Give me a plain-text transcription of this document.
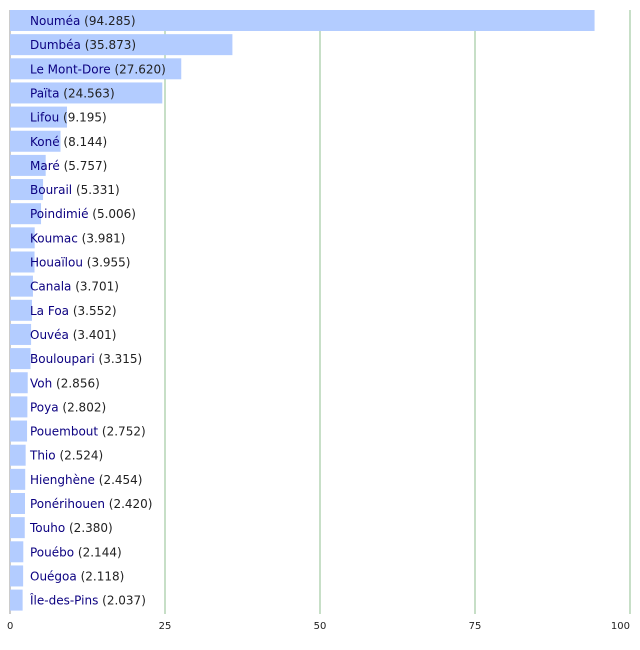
Nouméa (94.285)
Dumbéa (35.873)
Le Mont-Dore (27.620)
Païta (24.563)
Lifou (9.195)
Koné (8.144)
Maré (5.757)
Bourail (5.331)
Poindimié (5.006)
Koumac (3.981)
Houaïlou (3.955)
Canala (3.701)
La Foa (3.552)
Ouvéa (3.401)
Bouloupari (3.315)
Voh (2.856)
Poya (2.802)
Pouembout (2.752)
Thio (2.524)
Hienghène (2.454)
Ponérihouen (2.420)
Touho (2.380)
Pouébo (2.144)
Ouégoa (2.118)
Île-des-Pins (2.037)
0	25	50	75	100
